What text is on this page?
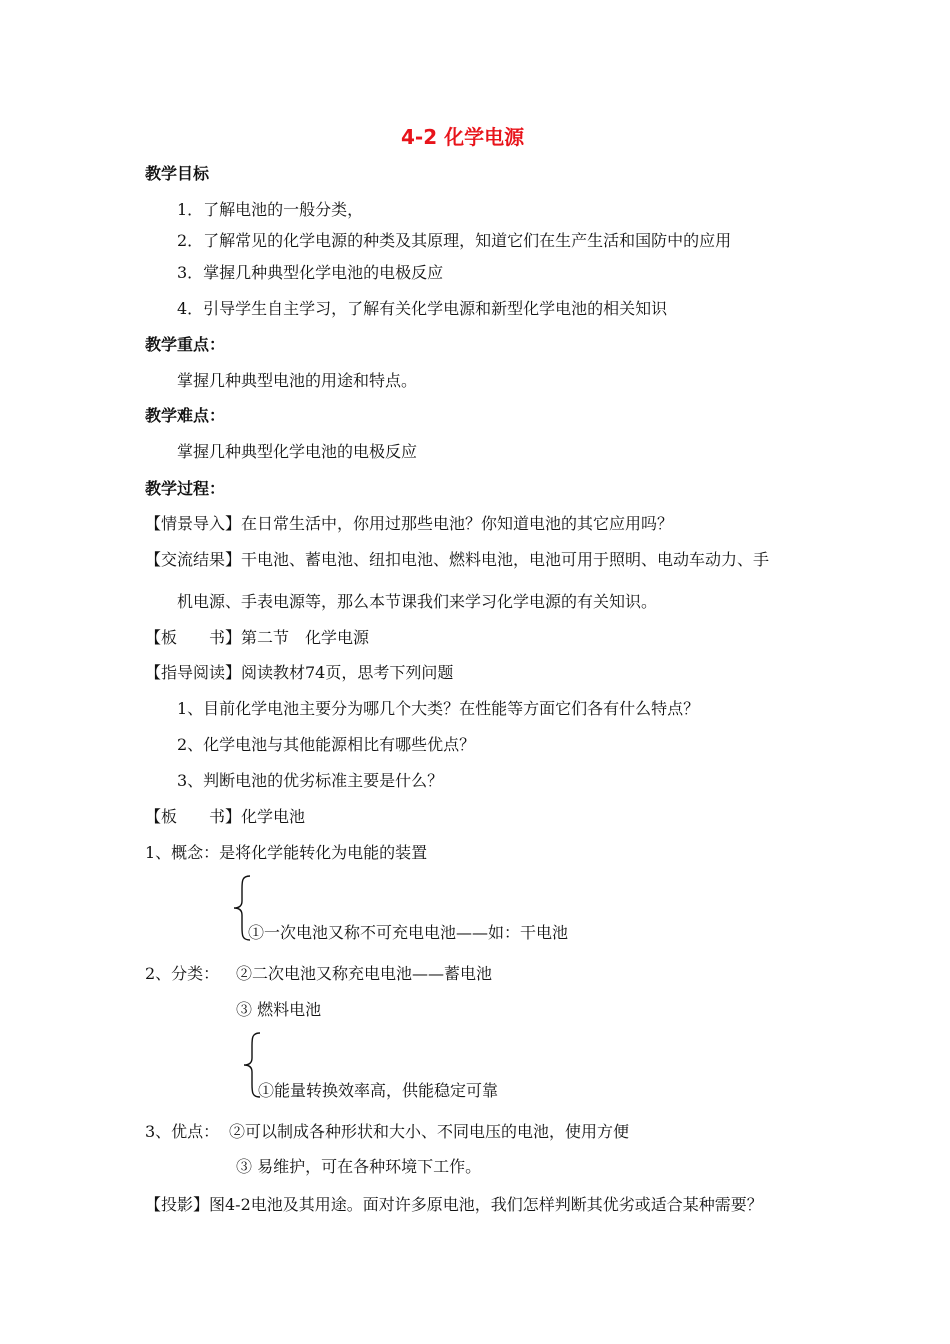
4-2 化学电源
教学目标
1．了解电池的一般分类，
2．了解常见的化学电源的种类及其原理，知道它们在生产生活和国防中的应用
3．掌握几种典型化学电池的电极反应
4．引导学生自主学习，了解有关化学电源和新型化学电池的相关知识
教学重点：
掌握几种典型电池的用途和特点。
教学难点：
掌握几种典型化学电池的电极反应
教学过程：
【情景导入】在日常生活中，你用过那些电池？你知道电池的其它应用吗？
【交流结果】干电池、蓄电池、纽扣电池、燃料电池，电池可用于照明、电动车动力、手
机电源、手表电源等，那么本节课我们来学习化学电源的有关知识。
【板　　书】第二节　化学电源
【指导阅读】阅读教材74页，思考下列问题
1、目前化学电池主要分为哪几个大类？在性能等方面它们各有什么特点？
2、化学电池与其他能源相比有哪些优点？
3、判断电池的优劣标准主要是什么？
【板　　书】化学电池
1、概念：是将化学能转化为电能的装置
①一次电池又称不可充电电池——如：干电池
2、分类： ②二次电池又称充电电池——蓄电池
③ 燃料电池
①能量转换效率高，供能稳定可靠
3、优点： ②可以制成各种形状和大小、不同电压的电池，使用方便
③ 易维护，可在各种环境下工作。
【投影】图4-2电池及其用途。面对许多原电池，我们怎样判断其优劣或适合某种需要？
